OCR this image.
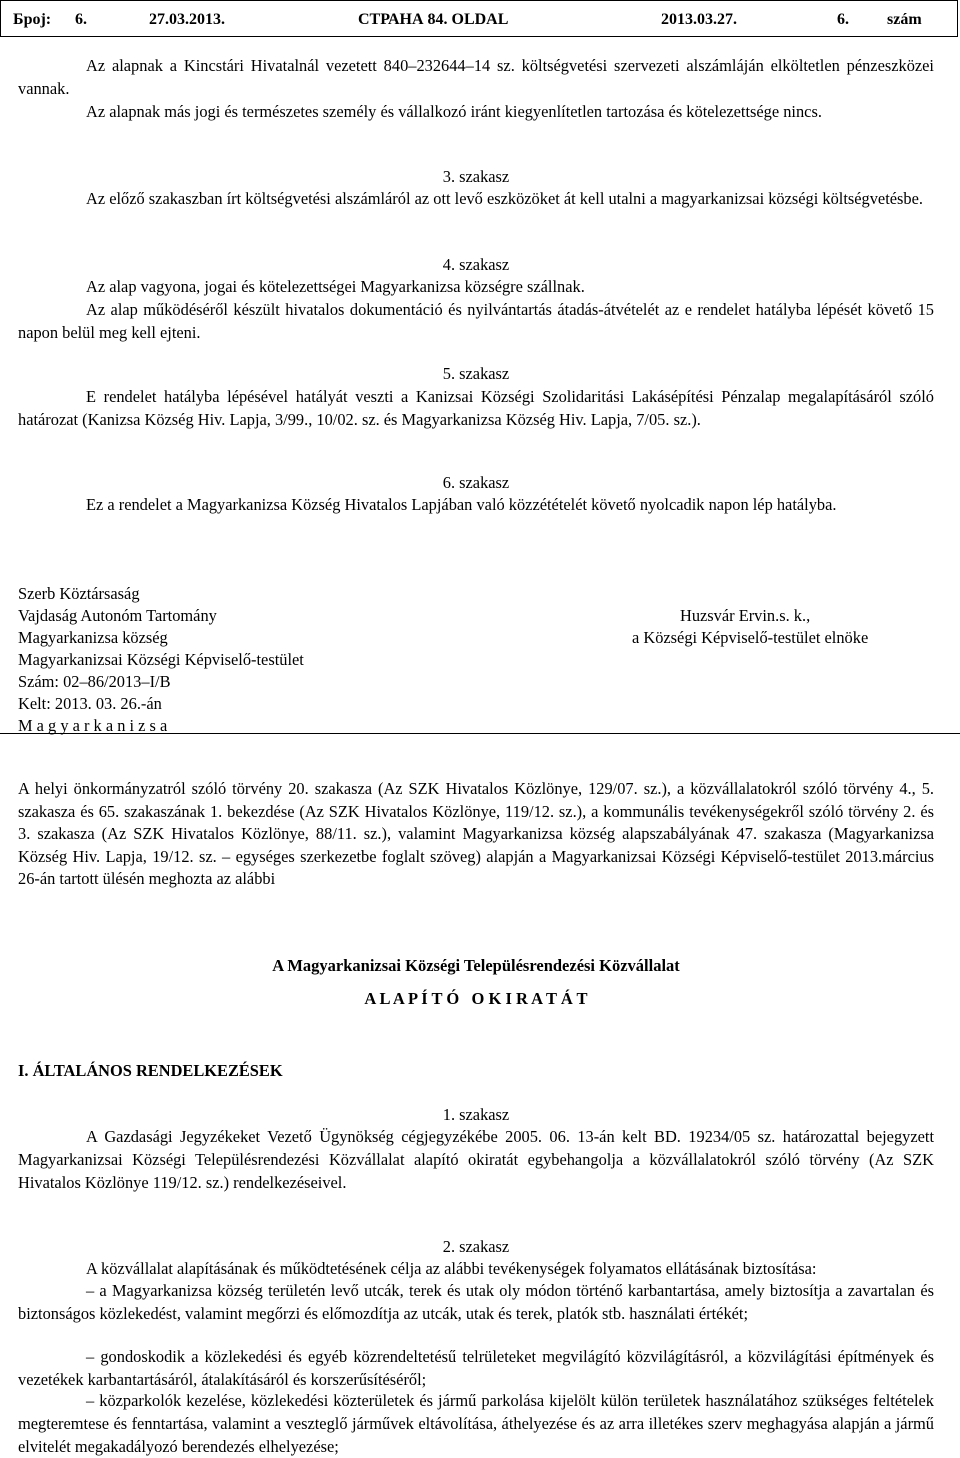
Број: 6.	27.03.2013.	СТРАНА 84. OLDAL	2013.03.27.	6. szám
Az alapnak a Kincstári Hivatalnál vezetett 840–232644–14 sz. költségvetési szervezeti alszámláján elköltetlen pénzeszközei vannak.
Az alapnak más jogi és természetes személy és vállalkozó iránt kiegyenlítetlen tartozása és kötelezettsége nincs.
3. szakasz
Az előző szakaszban írt költségvetési alszámláról az ott levő eszközöket át kell utalni a magyarkanizsai községi költségvetésbe.
4. szakasz
Az alap vagyona, jogai és kötelezettségei Magyarkanizsa községre szállnak.
Az alap működéséről készült hivatalos dokumentáció és nyilvántartás átadás-átvételét az e rendelet hatályba lépését követő 15 napon belül meg kell ejteni.
5. szakasz
E rendelet hatályba lépésével hatályát veszti a Kanizsai Községi Szolidaritási Lakásépítési Pénzalap megalapításáról szóló határozat (Kanizsa Község Hiv. Lapja, 3/99., 10/02. sz. és Magyarkanizsa Község Hiv. Lapja, 7/05. sz.).
6. szakasz
Ez a rendelet a Magyarkanizsa Község Hivatalos Lapjában való közzétételét követő nyolcadik napon lép hatályba.
Szerb Köztársaság
Vajdaság Autonóm Tartomány
Magyarkanizsa község
Magyarkanizsai Községi Képviselő-testület
Szám: 02–86/2013–I/B
Kelt: 2013. 03. 26.-án
M a g y a r k a n i z s a
Huzsvár Ervin.s. k.,
a Községi Képviselő-testület elnöke
A helyi önkormányzatról szóló törvény 20. szakasza (Az SZK Hivatalos Közlönye, 129/07. sz.), a közvállalatokról szóló törvény 4., 5. szakasza és 65. szakaszának 1. bekezdése (Az SZK Hivatalos Közlönye, 119/12. sz.), a kommunális tevékenységekről szóló törvény 2. és 3. szakasza (Az SZK Hivatalos Közlönye, 88/11. sz.), valamint Magyarkanizsa község alapszabályának 47. szakasza (Magyarkanizsa Község Hiv. Lapja, 19/12. sz. – egységes szerkezetbe foglalt szöveg) alapján a Magyarkanizsai Községi Képviselő-testület 2013.március 26-án tartott ülésén meghozta az alábbi
A Magyarkanizsai Községi Településrendezési Közvállalat
A L A P Í T Ó   O K I R A T Á T
I. ÁLTALÁNOS RENDELKEZÉSEK
1. szakasz
A Gazdasági Jegyzékeket Vezető Ügynökség cégjegyzékébe 2005. 06. 13-án kelt BD. 19234/05 sz. határozattal bejegyzett Magyarkanizsai Községi Településrendezési Közvállalat alapító okiratát egybehangolja a közvállalatokról szóló törvény (Az SZK Hivatalos Közlönye 119/12. sz.) rendelkezéseivel.
2. szakasz
A közvállalat alapításának és működtetésének célja az alábbi tevékenységek folyamatos ellátásának biztosítása:
– a Magyarkanizsa község területén levő utcák, terek és utak oly módon történő karbantartása, amely biztosítja a zavartalan és biztonságos közlekedést, valamint megőrzi és előmozdítja az utcák, utak és terek, platók stb. használati értékét;
– gondoskodik a közlekedési és egyéb közrendeltetésű telrületeket megvilágító közvilágításról, a közvilágítási építmények és vezetékek karbantartásáról, átalakításáról és korszerűsítéséről;
– közparkolók kezelése, közlekedési közterületek és jármű parkolása kijelölt külön területek használatához szükséges feltételek megteremtese és fenntartása, valamint a veszteglő járművek eltávolítása, áthelyezése és az arra illetékes szerv meghagyása alapján a jármű elvitelét megakadályozó berendezés elhelyezése;
